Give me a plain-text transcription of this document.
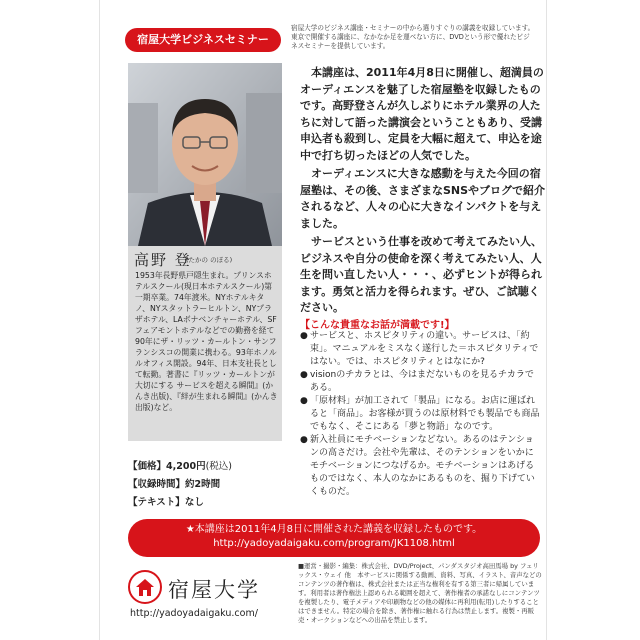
宿屋大学ビジネスセミナー
宿屋大学のビジネス講座・セミナーの中から選りすぐりの講義を収録しています。東京で開催する講座に、なかなか足を運べない方に、DVDという形で優れたビジネスセミナーを提供しています。
高野 登
(たかの のぼる)
1953年長野県戸隠生まれ。プリンスホテルスクール(現日本ホテルスクール)第一期卒業。74年渡米。NYホテルキタノ、NYスタットラーヒルトン、NYプラザホテル、LAボナベンチャーホテル、SFフェアモントホテルなどでの勤務を経て90年にザ・リッツ・カールトン・サンフランシスコの開業に携わる。93年ホノルルオフィス開設。94年、日本支社長として転勤。著書に『リッツ・カールトンが大切にする サービスを超える瞬間』(かんき出版)、『絆が生まれる瞬間』(かんき出版)など。
【価格】4,200円(税込)
【収録時間】約2時間
【テキスト】なし

本講座は、2011年4月8日に開催し、超満員のオーディエンスを魅了した宿屋塾を収録したものです。高野登さんが久しぶりにホテル業界の人たちに対して語った講演会ということもあり、受講申込者も殺到し、定員を大幅に超えて、申込を途中で打ち切ったほどの人気でした。

オーディエンスに大きな感動を与えた今回の宿屋塾は、その後、さまざまなSNSやブログで紹介されるなど、人々の心に大きなインパクトを与えました。

サービスという仕事を改めて考えてみたい人、ビジネスや自分の使命を深く考えてみたい人、人生を問い直したい人・・・、必ずヒントが得られます。勇気と活力を得られます。ぜひ、ご試聴ください。

【こんな貴重なお話が満載です!】
● サービスと、ホスピタリティの違い。サービスは、「約束」。マニュアルをミスなく遂行した＝ホスピタリティではない。では、ホスピタリティとはなにか?
● visionのチカラとは、今はまだないものを見るチカラである。
● 「原材料」が加工されて「製品」になる。お店に運ばれると「商品」。お客様が買うのは原材料でも製品でも商品でもなく、そこにある「夢と物語」なのです。
● 新入社員にモチベーションなどない。あるのはテンションの高さだけ。会社や先輩は、そのテンションをいかにモチベーションにつなげるか。モチベーションはあげるものではなく、本人のなかにあるものを、掘り下げていくものだ。
★本講座は2011年4月8日に開催された講義を収録したものです。
http://yadoyadaigaku.com/program/JK1108.html
宿屋大学
http://yadoyadaigaku.com/
■運営・撮影・編集：株式会社、DVD/Project、パンダスタジオ高田馬場 by フェリックス・ウェイ 他　本サービスに関係する動画、資料、写真、イラスト、音声などのコンテンツの著作権は、株式会社または正当な権利を有する第三者に帰属しています。利用者は著作権法上認められる範囲を超えて、著作権者の承諾なしにコンテンツを複製したり、電子メディアや印刷物などの他の媒体に再利用(転用)したりすることはできません。特定の場合を除き、著作権に触れる行為は禁止します。複製・再販売・オークションなどへの出品を禁止します。
